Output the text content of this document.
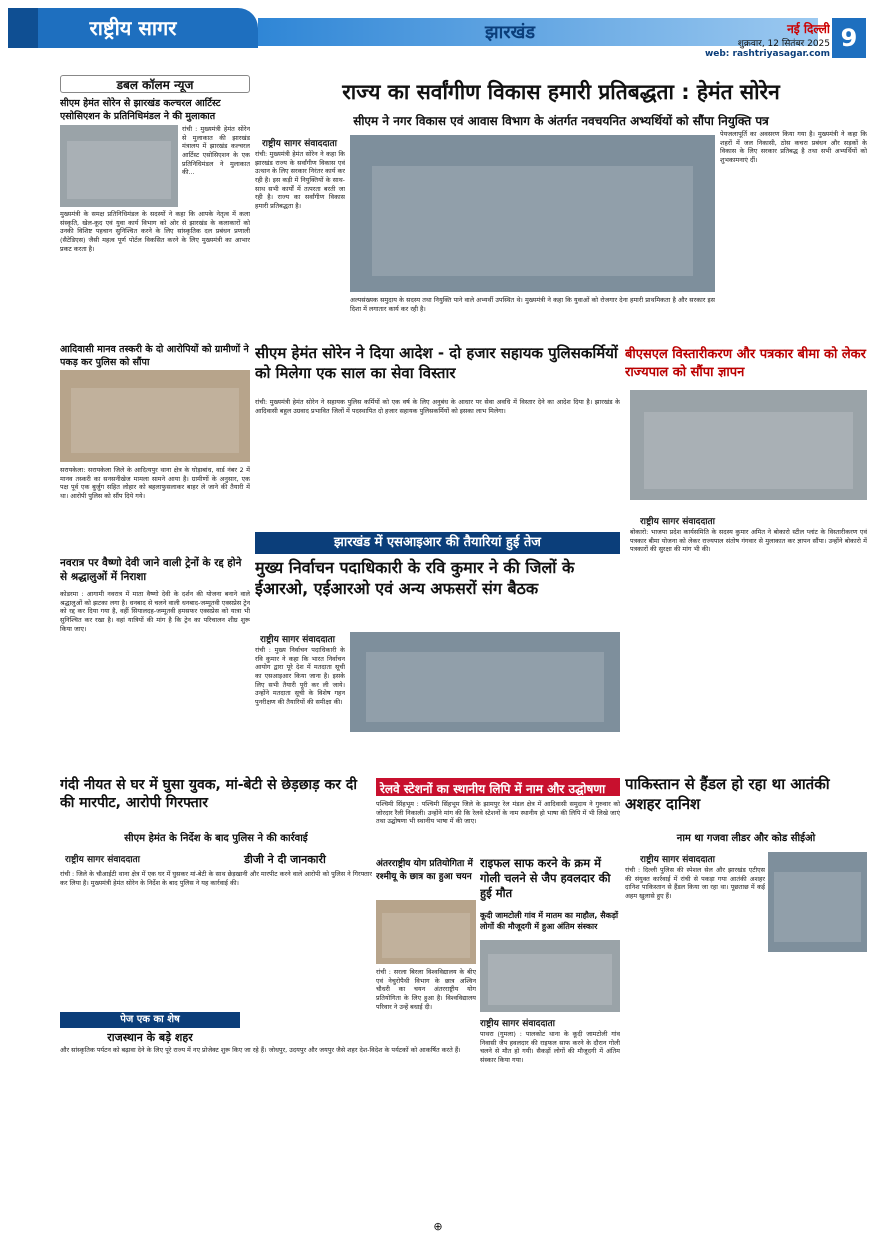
राष्ट्रीय सागर	झारखंड	नई दिल्ली
शुक्रवार, 12 सितंबर 2025
web: rashtriyasagar.com
9
डबल कॉलम न्यूज
सीएम हेमंत सोरेन से झारखंड कल्चरल आर्टिस्ट एसोसिएशन के प्रतिनिधिमंडल ने की मुलाकात
रांची : मुख्यमंत्री हेमंत सोरेन से मुलाकात की झारखंड मंत्रालय में झारखंड कल्चरल आर्टिस्ट एसोसिएशन के एक प्रतिनिधिमंडल ने मुलाकात की...
मुख्यमंत्री के समक्ष प्रतिनिधिमंडल के सदस्यों ने कहा कि आपके नेतृत्व में कला संस्कृति, खेल-कूद एवं युवा कार्य विभाग को ओर से झारखंड के कलाकारों को उनकी विशिष्ट पहचान सुनिश्चित करने के लिए सांस्कृतिक दल प्रबंधन प्रणाली (सैटेडिएस) जैसी महत्व पूर्ण पोर्टल विकसित करने के लिए मुख्यमंत्री का आभार प्रकट करता है।
आदिवासी मानव तस्करी के दो आरोपियों को ग्रामीणों ने पकड़ कर पुलिस को सौंपा
सरायकेला: सरायकेला जिले के आदित्यपुर थाना क्षेत्र के घोड़ाबांध, वार्ड नंबर 2 में मानव तस्करी का सनसनीखेज मामला सामने आया है। ग्रामीणों के अनुसार, एक पक्ष पूर्व एक बुर्जुग सहित लोहार को बहलाफुसलाकर बाहर ले जाने की तैयारी में था। आरोपी पुलिस को सौंप दिये गये।
नवरात्र पर वैष्णो देवी जाने वाली ट्रेनों के रद्द होने से श्रद्धालुओं में निराशा
कोडरमा : आगामी नवरात्र में माता वैष्णो देवी के दर्शन की योजना बनाने वाले श्रद्धालुओं को झटका लगा है। धनबाद से चलने वाली धनबाद-जम्मूतवी एक्सप्रेस ट्रेन को रद्द कर दिया गया है, वहीं सियालदह-जम्मूतवी हमसफर एक्सप्रेस को यात्रा भी सुनिश्चित कर रखा है। वहां यात्रियों की मांग है कि ट्रेन का परिचालन शीघ्र शुरू किया जाए।
राज्य का सर्वांगीण विकास हमारी प्रतिबद्धता : हेमंत सोरेन
सीएम ने नगर विकास एवं आवास विभाग के अंतर्गत नवचयनित अभ्यर्थियों को सौंपा नियुक्ति पत्र
राष्ट्रीय सागर संवाददाता
रांची: मुख्यमंत्री हेमंत सोरेन ने कहा कि झारखंड राज्य के सर्वांगीण विकास एवं उत्थान के लिए सरकार निरंतर कार्य कर रही है। इस कड़ी में नियुक्तियों के साथ-साथ सभी कार्यों में तत्परता बरती जा रही है। राज्य का सर्वांगीण विकास हमारी प्रतिबद्धता है।
अल्पसंख्यक समुदाय के सदस्य तथा नियुक्ति पाने वाले अभ्यर्थी उपस्थित थे। मुख्यमंत्री ने कहा कि युवाओं को रोजगार देना हमारी प्राथमिकता है और सरकार इस दिशा में लगातार कार्य कर रही है।
पेयजलापूर्ति का अवसरण किया गया है। मुख्यमंत्री ने कहा कि शहरों में जल निकासी, ठोस कचरा प्रबंधन और सड़कों के विकास के लिए सरकार प्रतिबद्ध है तथा सभी अभ्यर्थियों को शुभकामनाएं दीं।
सीएम हेमंत सोरेन ने दिया आदेश - दो हजार सहायक पुलिसकर्मियों को मिलेगा एक साल का सेवा विस्तार
रांची: मुख्यमंत्री हेमंत सोरेन ने सहायक पुलिस कर्मियों को एक वर्ष के लिए अनुबंध के आधार पर सेवा अवधि में विस्तार देने का आदेश दिया है। झारखंड के आदिवासी बहुल उग्रवाद प्रभावित जिलों में पदस्थापित दो हजार सहायक पुलिसकर्मियों को इसका लाभ मिलेगा।
बीएसएल विस्तारीकरण और पत्रकार बीमा को लेकर राज्यपाल को सौंपा ज्ञापन
राष्ट्रीय सागर संवाददाता
बोकारो: भाजपा प्रदेश कार्यसमिति के सदस्य कुमार अमित ने बोकारो स्टील प्लांट के विस्तारीकरण एवं पत्रकार बीमा योजना को लेकर राज्यपाल संतोष गंगवार से मुलाकात कर ज्ञापन सौंपा। उन्होंने बोकारो में पत्रकारों की सुरक्षा की मांग भी की।
झारखंड में एसआइआर की तैयारियां हुई तेज
मुख्य निर्वाचन पदाधिकारी के रवि कुमार ने की जिलों के ईआरओ, एईआरओ एवं अन्य अफसरों संग बैठक
राष्ट्रीय सागर संवाददाता
रांची : मुख्य निर्वाचन पदाधिकारी के रवि कुमार ने कहा कि भारत निर्वाचन आयोग द्वारा पूरे देश में मतदाता सूची का एसआइआर किया जाना है। इसके लिए सभी तैयारी पूरी कर ली जाये। उन्होंने मतदाता सूची के विशेष गहन पुनरीक्षण की तैयारियों की समीक्षा की।
गंदी नीयत से घर में घुसा युवक, मां-बेटी से छेड़छाड़ कर दी की मारपीट, आरोपी गिरफ्तार
सीएम हेमंत के निर्देश के बाद पुलिस ने की कार्रवाई
राष्ट्रीय सागर संवाददाता	डीजी ने दी जानकारी
रांची : जिले के चौआईटी थाना क्षेत्र में एक घर में घुसकर मां-बेटी के साथ छेड़खानी और मारपीट करने वाले आरोपी को पुलिस ने गिरफ्तार कर लिया है। मुख्यमंत्री हेमंत सोरेन के निर्देश के बाद पुलिस ने यह कार्रवाई की।
रेलवे स्टेशनों का स्थानीय लिपि में नाम और उद्घोषणा
पश्चिमी सिंहभूम : पश्चिमी सिंहभूम जिले के झामपुर रेल मंडल क्षेत्र में आदिवासी समुदाय ने गुरुवार को जोरदार रैली निकाली। उन्होंने मांग की कि रेलवे स्टेशनों के नाम स्थानीय हो भाषा की लिपि में भी लिखे जाएं तथा उद्घोषणा भी स्थानीय भाषा में की जाए।
अंतरराष्ट्रीय योग प्रतियोगिता में रश्मीयू के छात्र का हुआ चयन
रांची : सरला बिरला विश्वविद्यालय के बीए एवं नेचुरोपैथी विभाग के छात्र अश्विन चौधरी का चयन अंतरराष्ट्रीय योग प्रतियोगिता के लिए हुआ है। विश्वविद्यालय परिवार ने उन्हें बधाई दी।
राइफल साफ करने के क्रम में गोली चलने से जैप हवलदार की हुई मौत
कूदी जामटोली गांव में मातम का माहौल, सैकड़ों लोगों की मौजूदगी में हुआ अंतिम संस्कार
राष्ट्रीय सागर संवाददाता
पाथरा (गुमला) : पालकोट थाना के कूदी जामटोली गांव निवासी जैप हवलदार की राइफल साफ करने के दौरान गोली चलने से मौत हो गयी। सैकड़ों लोगों की मौजूदगी में अंतिम संस्कार किया गया।
पाकिस्तान से हैंडल हो रहा था आतंकी अशहर दानिश
नाम था गजवा लीडर और कोड सीईओ
राष्ट्रीय सागर संवाददाता
रांची : दिल्ली पुलिस की स्पेशल सेल और झारखंड एटीएस की संयुक्त कार्रवाई में रांची से पकड़ा गया आतंकी अशहर दानिश पाकिस्तान से हैंडल किया जा रहा था। पूछताछ में कई अहम खुलासे हुए हैं।
पेज एक का शेष
राजस्थान के बड़े शहर
और सांस्कृतिक पर्यटन को बढ़ावा देने के लिए पूरे राज्य में नए प्रोजेक्ट शुरू किए जा रहे हैं। जोधपुर, उदयपुर और जयपुर जैसे शहर देश-विदेश के पर्यटकों को आकर्षित करते हैं।
⊕
